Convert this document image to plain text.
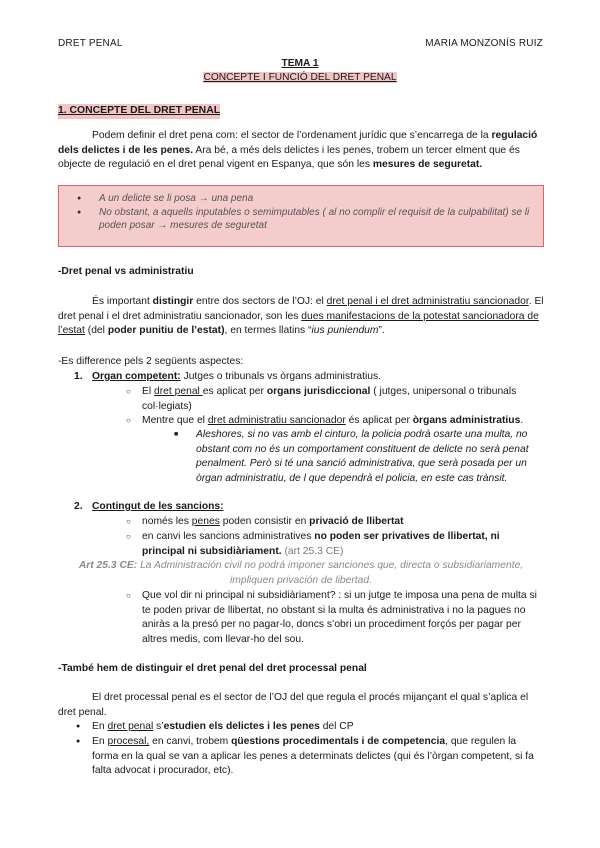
DRET PENAL	MARIA MONZONÍS RUIZ
TEMA 1
CONCEPTE I FUNCIÓ DEL DRET PENAL
1. CONCEPTE DEL DRET PENAL
Podem definir el dret pena com: el sector de l’ordenament jurídic que s’encarrega de la regulació dels delictes i de les penes. Ara bé, a més dels delictes i les penes, trobem un tercer elment que és objecte de regulació en el dret penal vigent en Espanya, que són les mesures de seguretat.
● A un delicte se li posa → una pena
● No obstant, a aquells inputables o semimputables ( al no complir el requisit de la culpabilitat) se li poden posar → mesures de seguretat
-Dret penal vs administratiu
És important distingir entre dos sectors de l’OJ: el dret penal i el dret administratiu sancionador. El dret penal i el dret administratiu sancionador, son les dues manifestacions de la potestat sancionadora de l’estat (del poder punitiu de l’estat), en termes llatins “ius puniendum”.
-Es difference pels 2 següents aspectes:
1. Organ competent: Jutges o tribunals vs òrgans administratius.
○ El dret penal es aplicat per organs jurisdiccional ( jutges, unipersonal o tribunals col·legiats)
○ Mentre que el dret administratiu sancionador és aplicat per òrgans administratius.
■ Aleshores, si no vas amb el cinturo, la policia podrà osarte una multa, no obstant com no és un comportament constituent de delicte no serà penat penalment. Però si té una sanció administrativa, que serà posada per un òrgan administratiu, de l que dependrà el policia, en este cas trànsit.
2. Contingut de les sancions:
○ només les penes poden consistir en privació de llibertat
○ en canvi les sancions administratives no poden ser privatives de llibertat, ni principal ni subsidiàriament. (art 25.3 CE)
Art 25.3 CE: La Administración civil no podrá imponer sanciones que, directa o subsidiariamente, impliquen privación de libertad.
○ Que vol dir ni principal ni subsidiàriament? : si un jutge te imposa una pena de multa si te poden privar de llibertat, no obstant si la multa és administrativa i no la pagues no aniràs a la presó per no pagar-lo, doncs s’obri un procediment forçós per pagar per altres medis, com llevar-ho del sou.
-També hem de distinguir el dret penal del dret processal penal
El dret processal penal es el sector de l’OJ del que regula el procés mijançant el qual s’aplica el dret penal.
● En dret penal s’estudien els delictes i les penes del CP
● En procesal, en canvi, trobem qüestions procedimentals i de competencia, que regulen la forma en la qual se van a aplicar les penes a determinats delictes (qui és l’òrgan competent, si fa falta advocat i procurador, etc).
